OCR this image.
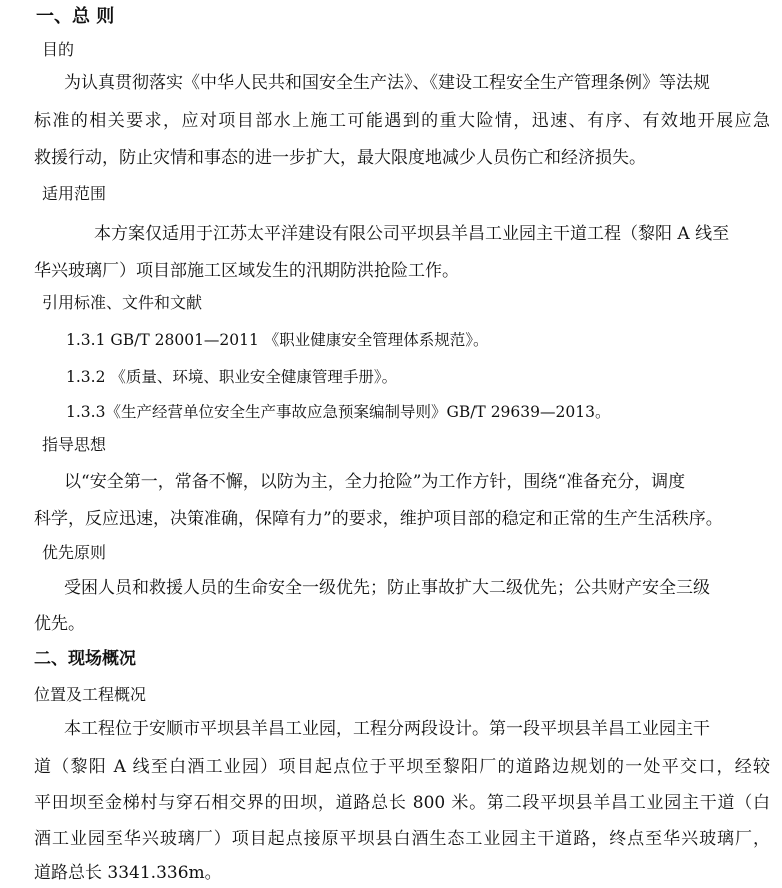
一、总 则
目的
为认真贯彻落实《中华人民共和国安全生产法》、《建设工程安全生产管理条例》等法规
标准的相关要求，应对项目部水上施工可能遇到的重大险情，迅速、有序、有效地开展应急
救援行动，防止灾情和事态的进一步扩大，最大限度地减少人员伤亡和经济损失。
适用范围
本方案仅适用于江苏太平洋建设有限公司平坝县羊昌工业园主干道工程（黎阳 A 线至
华兴玻璃厂）项目部施工区域发生的汛期防洪抢险工作。
引用标准、文件和文献
1.3.1 GB/T 28001—2011 《职业健康安全管理体系规范》。
1.3.2 《质量、环境、职业安全健康管理手册》。
1.3.3《生产经营单位安全生产事故应急预案编制导则》GB/T 29639—2013。
指导思想
以“安全第一，常备不懈，以防为主，全力抢险”为工作方针，围绕“准备充分，调度
科学，反应迅速，决策准确，保障有力”的要求，维护项目部的稳定和正常的生产生活秩序。
优先原则
受困人员和救援人员的生命安全一级优先；防止事故扩大二级优先；公共财产安全三级
优先。
二、现场概况
位置及工程概况
本工程位于安顺市平坝县羊昌工业园，工程分两段设计。第一段平坝县羊昌工业园主干
道（黎阳 A 线至白酒工业园）项目起点位于平坝至黎阳厂的道路边规划的一处平交口，经较
平田坝至金梯村与穿石相交界的田坝，道路总长 800 米。第二段平坝县羊昌工业园主干道（白
酒工业园至华兴玻璃厂）项目起点接原平坝县白酒生态工业园主干道路，终点至华兴玻璃厂，
道路总长 3341.336m。
